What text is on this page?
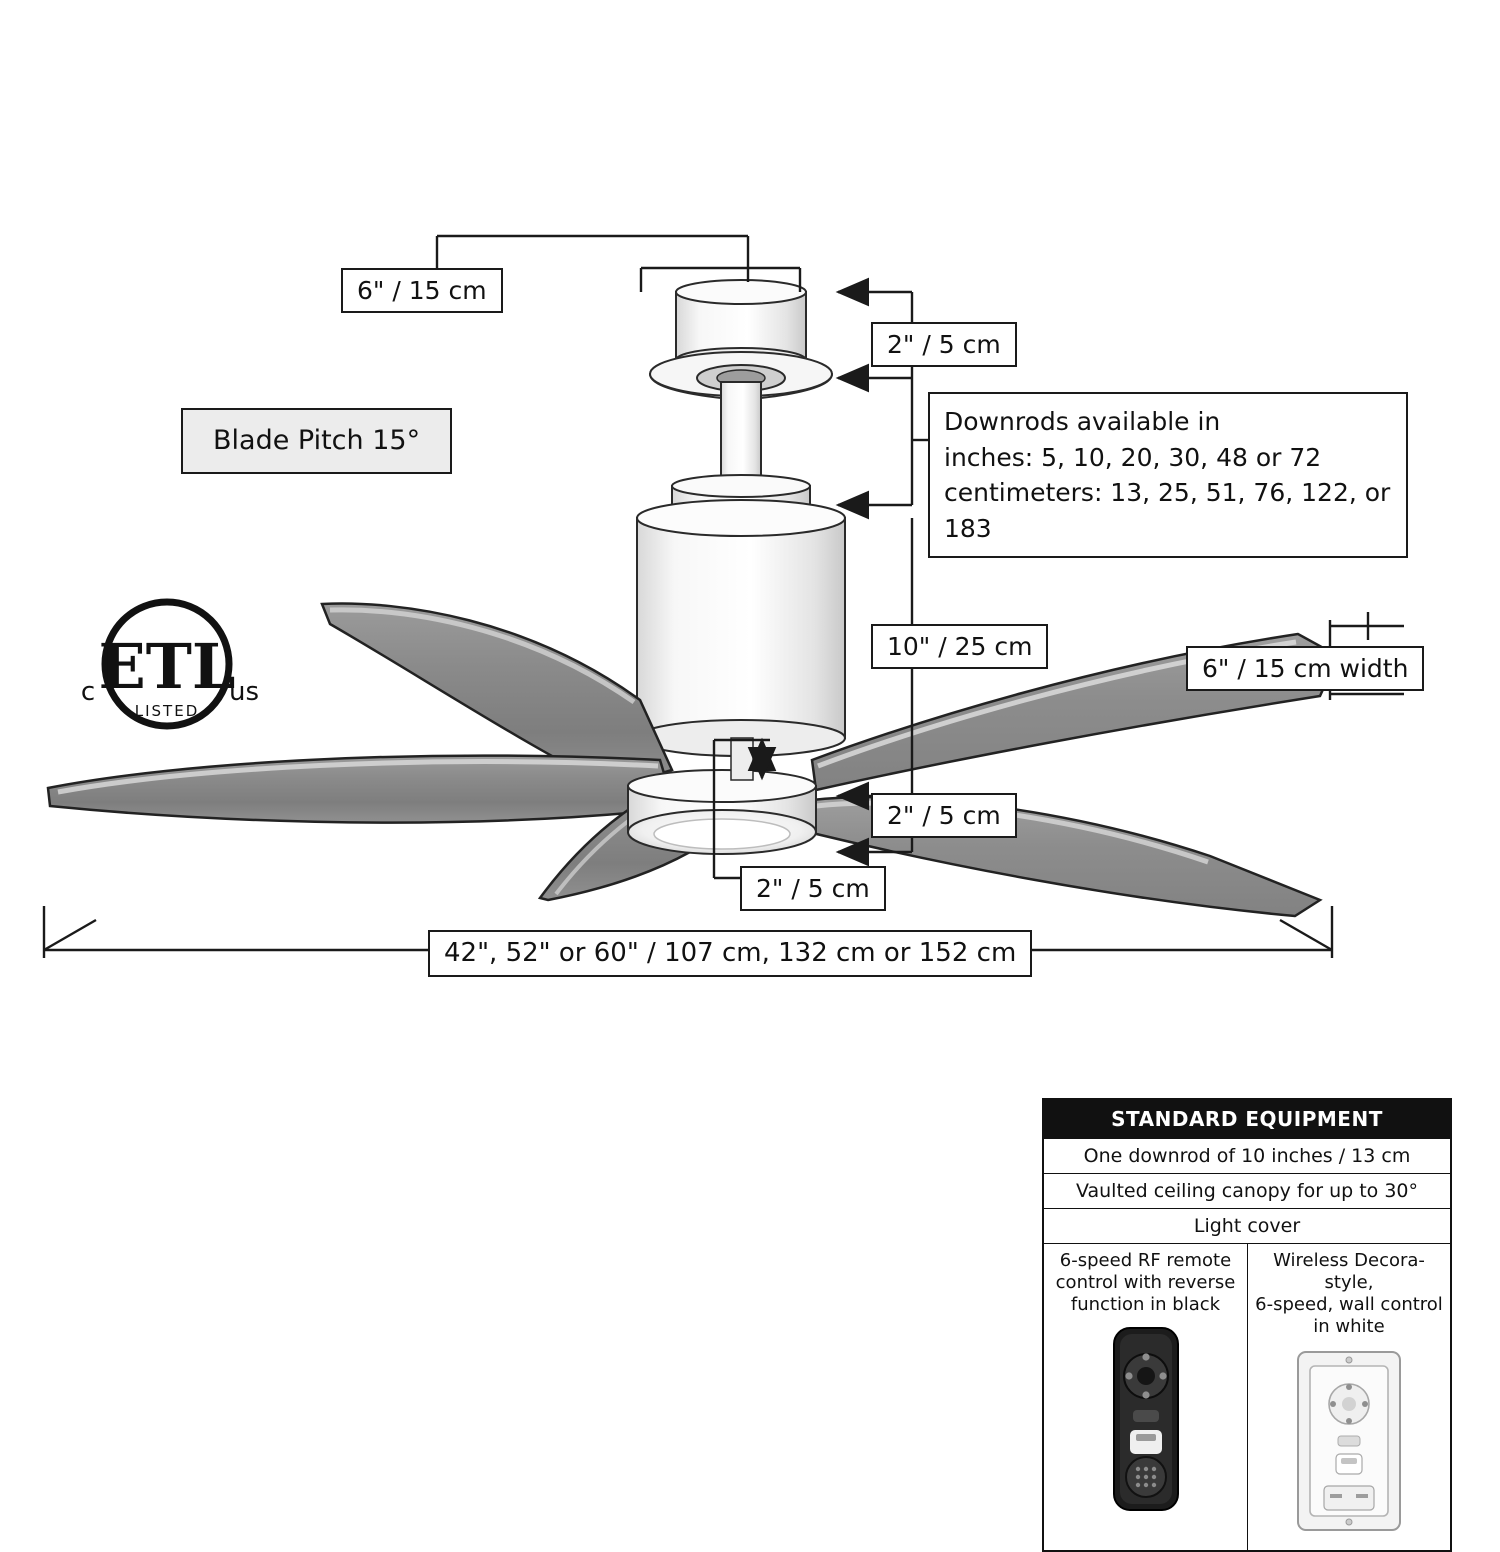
ETL
LISTED
c	us
6" / 15 cm
2" / 5 cm
Blade Pitch 15°
Downrods available in
inches: 5, 10, 20, 30, 48 or 72
centimeters: 13, 25, 51, 76, 122, or 183
10" / 25 cm
6" / 15 cm width
2" / 5 cm
2" / 5 cm
42", 52" or 60" / 107 cm, 132 cm or 152 cm
STANDARD EQUIPMENT
One downrod of 10 inches / 13 cm
Vaulted ceiling canopy for up to 30°
Light cover
6-speed RF remote
control with reverse
function in black
Wireless Decora-style,
6-speed, wall control
in white
